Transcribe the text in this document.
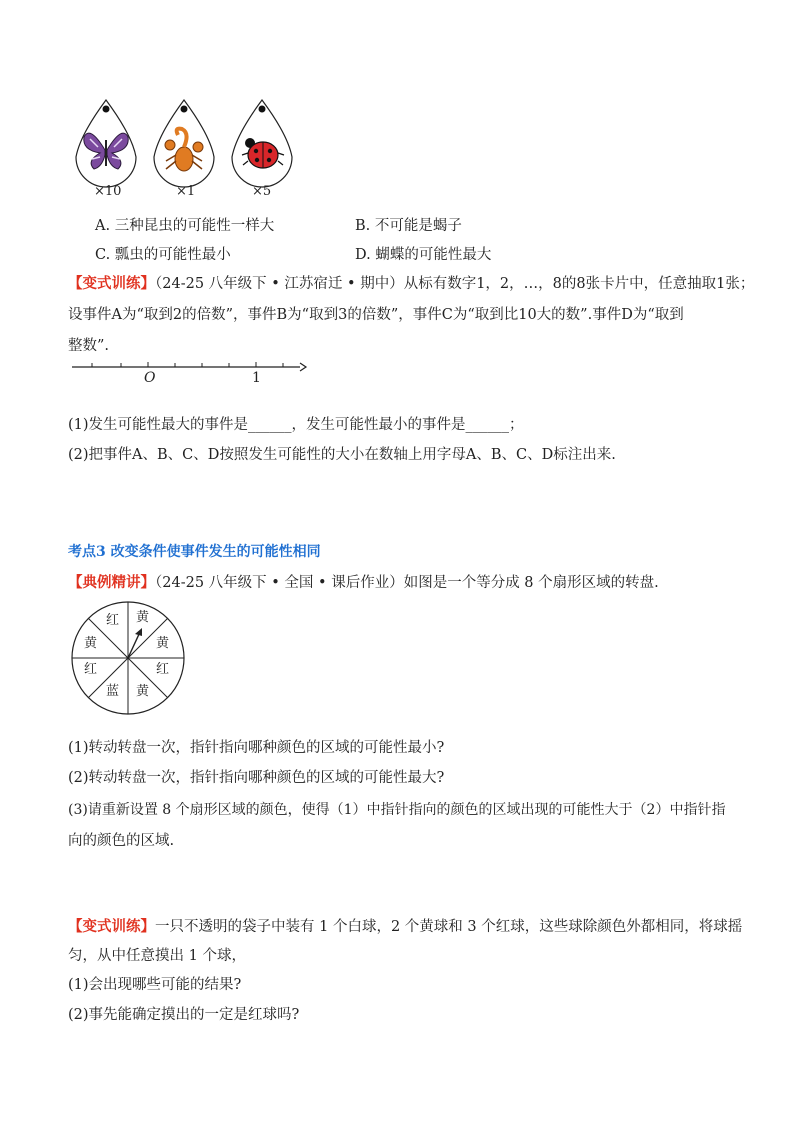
×10	×1	×5
A. 三种昆虫的可能性一样大	B. 不可能是蝎子
C. 瓢虫的可能性最小	D. 蝴蝶的可能性最大
【变式训练】（24-25 八年级下 • 江苏宿迁 • 期中）从标有数字1，2，…，8的8张卡片中，任意抽取1张；
设事件A为“取到2的倍数”，事件B为“取到3的倍数”，事件C为“取到比10大的数”.事件D为“取到
整数”.
O	1
(1)发生可能性最大的事件是______，发生可能性最小的事件是______；
(2)把事件A、B、C、D按照发生可能性的大小在数轴上用字母A、B、C、D标注出来.
考点3 改变条件使事件发生的可能性相同
【典例精讲】（24-25 八年级下 • 全国 • 课后作业）如图是一个等分成 8 个扇形区域的转盘.
黄
黄
红
黄
蓝
红
黄
红
(1)转动转盘一次，指针指向哪种颜色的区域的可能性最小?
(2)转动转盘一次，指针指向哪种颜色的区域的可能性最大?
(3)请重新设置 8 个扇形区域的颜色，使得（1）中指针指向的颜色的区域出现的可能性大于（2）中指针指
向的颜色的区域.
【变式训练】一只不透明的袋子中装有 1 个白球，2 个黄球和 3 个红球，这些球除颜色外都相同，将球摇
匀，从中任意摸出 1 个球，
(1)会出现哪些可能的结果?
(2)事先能确定摸出的一定是红球吗?
